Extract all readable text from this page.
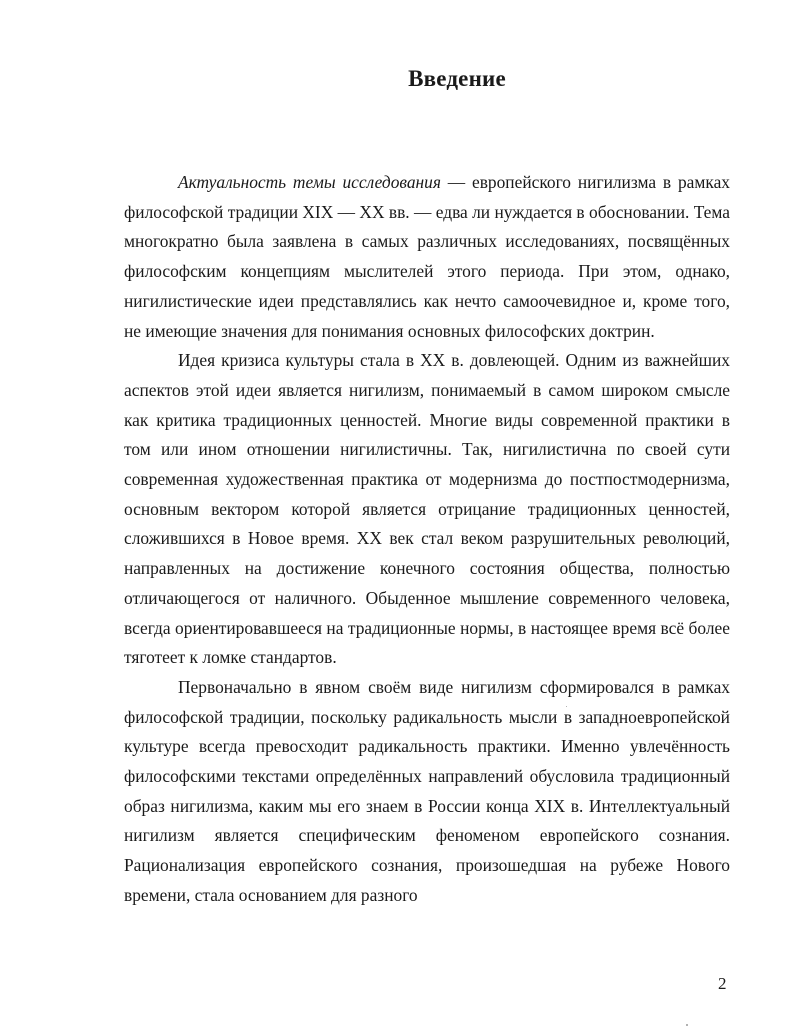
Введение

Актуальность темы исследования — европейского нигилизма в рамках философской традиции XIX — XX вв. — едва ли нуждается в обосновании. Тема многократно была заявлена в самых различных исследованиях, посвящённых философским концепциям мыслителей этого периода. При этом, однако, нигилистические идеи представлялись как нечто самоочевидное и, кроме того, не имеющие значения для понимания основных философских доктрин.

Идея кризиса культуры стала в XX в. довлеющей. Одним из важнейших аспектов этой идеи является нигилизм, понимаемый в самом широком смысле как критика традиционных ценностей. Многие виды современной практики в том или ином отношении нигилистичны. Так, нигилистична по своей сути современная художественная практика от модернизма до постпостмодернизма, основным вектором которой является отрицание традиционных ценностей, сложившихся в Новое время. XX век стал веком разрушительных революций, направленных на достижение конечного состояния общества, полностью отличающегося от наличного. Обыденное мышление современного человека, всегда ориентировавшееся на традиционные нормы, в настоящее время всё более тяготеет к ломке стандартов.

Первоначально в явном своём виде нигилизм сформировался в рамках философской традиции, поскольку радикальность мысли в западноевропейской культуре всегда превосходит радикальность практики. Именно увлечённость философскими текстами определённых направлений обусловила традиционный образ нигилизма, каким мы его знаем в России конца XIX в. Интеллектуальный нигилизм является специфическим феноменом европейского сознания. Рационализация европейского сознания, произошедшая на рубеже Нового времени, стала основанием для разного

2
